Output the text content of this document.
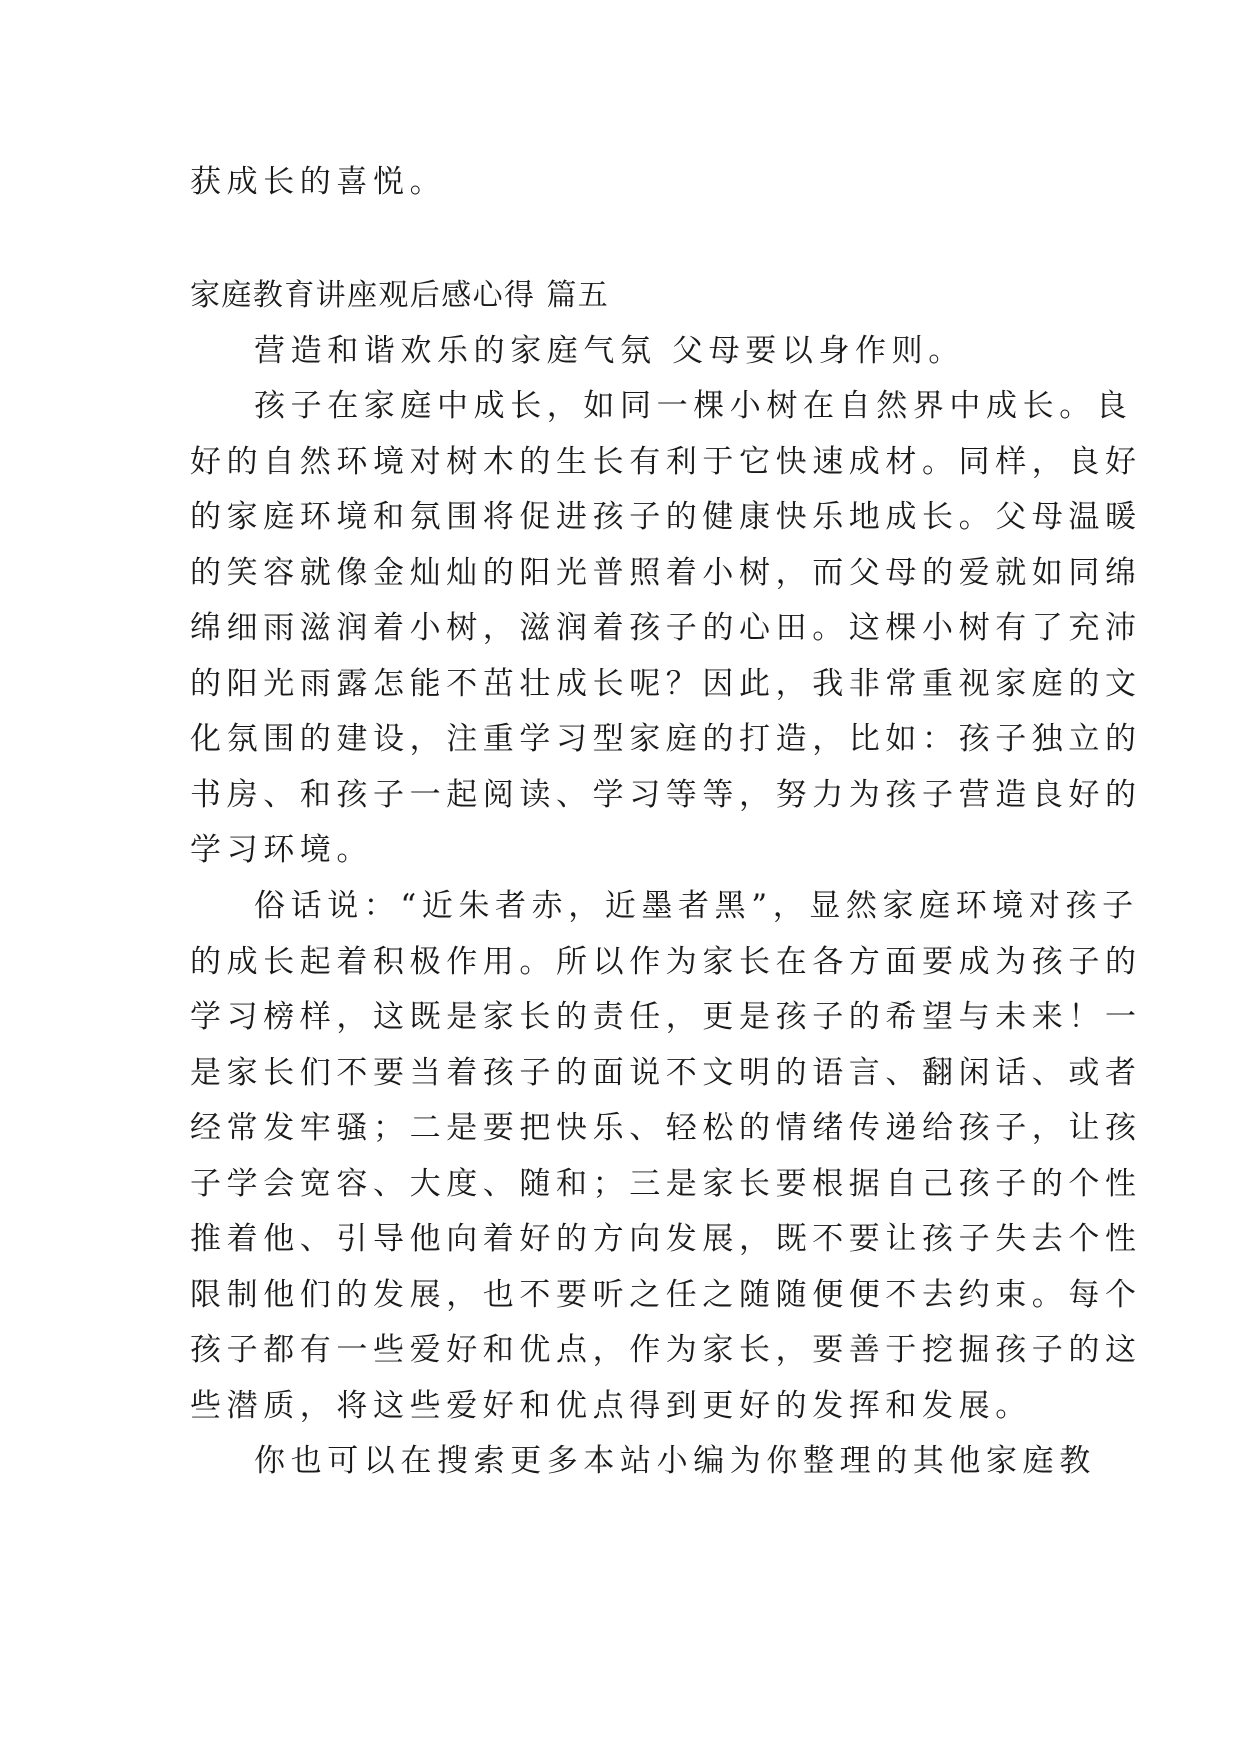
获成长的喜悦。
家庭教育讲座观后感心得 篇五
营造和谐欢乐的家庭气氛 父母要以身作则。
孩子在家庭中成长，如同一棵小树在自然界中成长。良
好的自然环境对树木的生长有利于它快速成材。同样，良好
的家庭环境和氛围将促进孩子的健康快乐地成长。父母温暖
的笑容就像金灿灿的阳光普照着小树，而父母的爱就如同绵
绵细雨滋润着小树，滋润着孩子的心田。这棵小树有了充沛
的阳光雨露怎能不茁壮成长呢？因此，我非常重视家庭的文
化氛围的建设，注重学习型家庭的打造，比如：孩子独立的
书房、和孩子一起阅读、学习等等，努力为孩子营造良好的
学习环境。
俗话说：“近朱者赤，近墨者黑”，显然家庭环境对孩子
的成长起着积极作用。所以作为家长在各方面要成为孩子的
学习榜样，这既是家长的责任，更是孩子的希望与未来！一
是家长们不要当着孩子的面说不文明的语言、翻闲话、或者
经常发牢骚；二是要把快乐、轻松的情绪传递给孩子，让孩
子学会宽容、大度、随和；三是家长要根据自己孩子的个性
推着他、引导他向着好的方向发展，既不要让孩子失去个性
限制他们的发展，也不要听之任之随随便便不去约束。每个
孩子都有一些爱好和优点，作为家长，要善于挖掘孩子的这
些潜质，将这些爱好和优点得到更好的发挥和发展。
你也可以在搜索更多本站小编为你整理的其他家庭教
